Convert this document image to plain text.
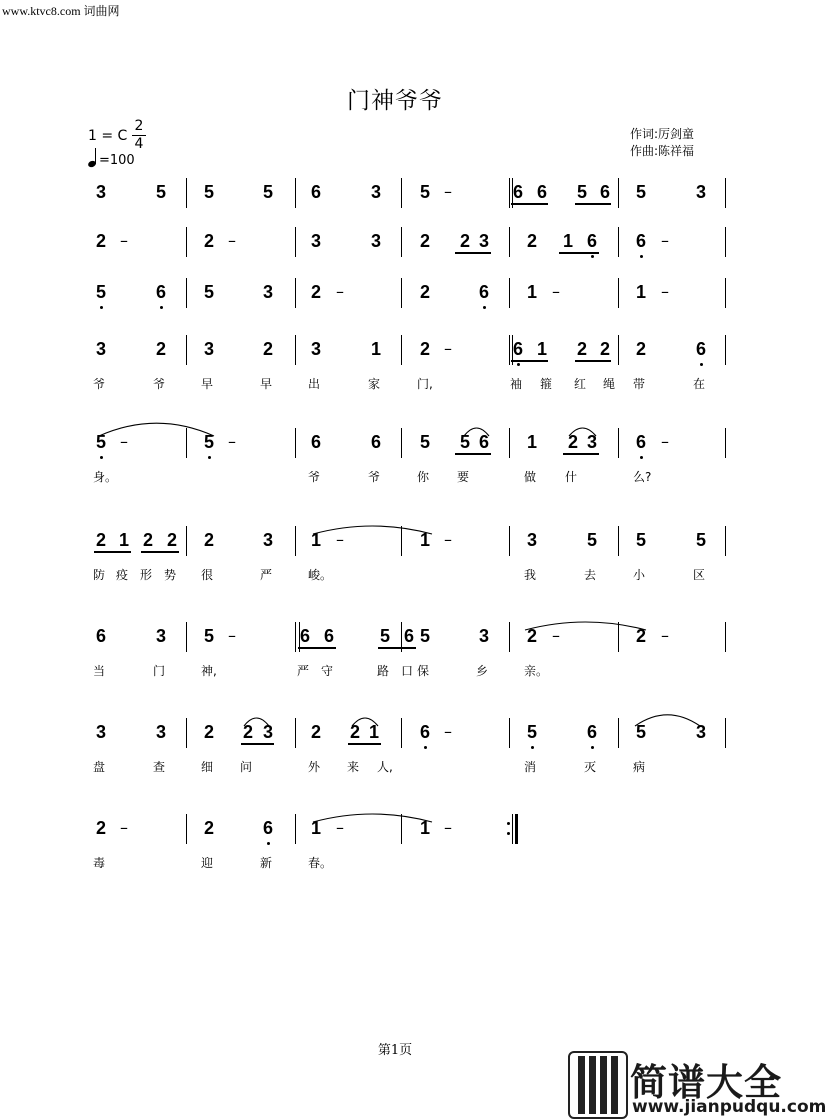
www.ktvc8.com 词曲网
门神爷爷
1 = C
2
4
=100
作词:厉剑童
作曲:陈祥福
3	5 5	5 6	3 5 –	6 6 5 6 5	3
2 –	2 –	3	3 2 2 3 2 1 6 6 –
5	6 5	3 2 –	2	6 1 –	1 –
3	2 3	2 3	1 2 –	6 1 2 2 2	6
爷	爷	早	早	出	家	门,	袖 箍 红 绳 带	在
5 –	5 –	6	6 5 5 6 1 2 3 6 –
身。	爷	爷	你 要	做 什	么?
2 1 2 2 2	3 1 –	1 –	3	5 5	5
防 疫 形 势 很	严	峻。	我	去	小	区
6	3 5 –	6 6	5 6 5	3 2 –	2 –
当	门	神,	严 守	路 口 保	乡	亲。
3	3 2 2 3 2 2 1 6 –	5	6 5	3
盘	查	细 问	外 来 人,	消	灭	病
2 –	2	6 1 –	1 –
毒	迎	新	春。
第1页
简谱大全
www.jianpudqu.com
